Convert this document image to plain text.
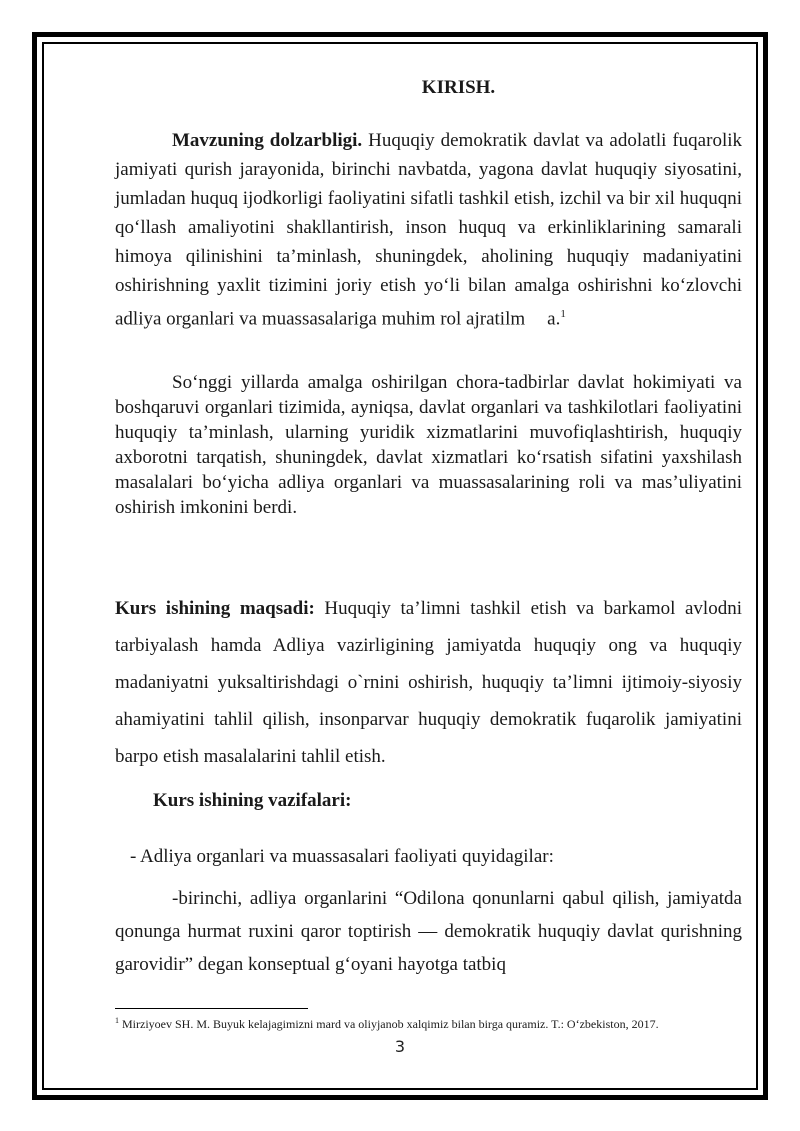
KIRISH.

Mavzuning dolzarbligi. Huquqiy demokratik davlat va adolatli fuqarolik jamiyati qurish jarayonida, birinchi navbatda, yagona davlat huquqiy siyosatini, jumladan huquq ijodkorligi faoliyatini sifatli tashkil etish, izchil va bir xil huquqni qo‘llash amaliyotini shakllantirish, inson huquq va erkinliklarining samarali himoya qilinishini ta’minlash, shuningdek, aholining huquqiy madaniyatini oshirishning yaxlit tizimini joriy etish yo‘li bilan amalga oshirishni ko‘zlovchi adliya organlari va muassasalariga muhim rol ajratilm a.$^1$

So‘nggi yillarda amalga oshirilgan chora-tadbirlar davlat hokimiyati va boshqaruvi organlari tizimida, ayniqsa, davlat organlari va tashkilotlari faoliyatini huquqiy ta’minlash, ularning yuridik xizmatlarini muvofiqlashtirish, huquqiy axborotni tarqatish, shuningdek, davlat xizmatlari ko‘rsatish sifatini yaxshilash masalalari bo‘yicha adliya organlari va muassasalarining roli va mas’uliyatini oshirish imkonini berdi.

Kurs ishining maqsadi: Huquqiy ta’limni tashkil etish va barkamol avlodni tarbiyalash hamda Adliya vazirligining jamiyatda huquqiy ong va huquqiy madaniyatni yuksaltirishdagi o`rnini oshirish, huquqiy ta’limni ijtimoiy-siyosiy ahamiyatini tahlil qilish, insonparvar huquqiy demokratik fuqarolik jamiyatini barpo etish masalalarini tahlil etish.

Kurs ishining vazifalari:

- Adliya organlari va muassasalari faoliyati quyidagilar:

-birinchi, adliya organlarini “Odilona qonunlarni qabul qilish, jamiyatda qonunga hurmat ruxini qaror toptirish — demokratik huquqiy davlat qurishning garovidir” degan konseptual g‘oyani hayotga tatbiq

$^1$ Mirziyoev SH. M. Buyuk kelajagimizni mard va oliyjanob xalqimiz bilan birga quramiz. T.: O‘zbekiston, 2017.
3
